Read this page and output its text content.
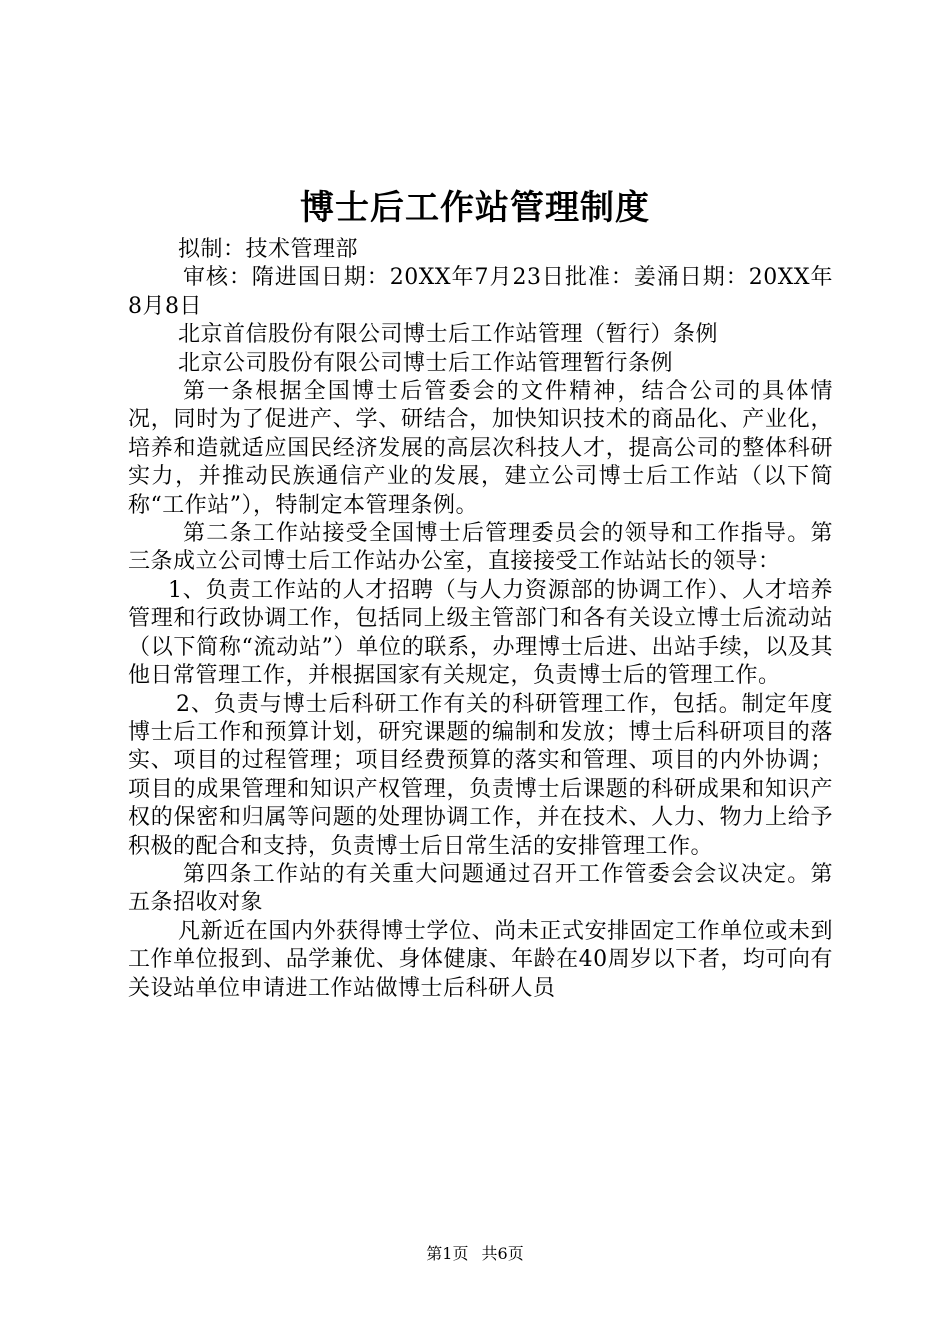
博士后工作站管理制度

拟制：技术管理部

审核：隋进国日期：20XX年7月23日批准：姜涌日期：20XX年8月8日

北京首信股份有限公司博士后工作站管理（暂行）条例

北京公司股份有限公司博士后工作站管理暂行条例

第一条根据全国博士后管委会的文件精神，结合公司的具体情况，同时为了促进产、学、研结合，加快知识技术的商品化、产业化，培养和造就适应国民经济发展的高层次科技人才，提高公司的整体科研实力，并推动民族通信产业的发展，建立公司博士后工作站（以下简称“工作站”），特制定本管理条例。

第二条工作站接受全国博士后管理委员会的领导和工作指导。第三条成立公司博士后工作站办公室，直接接受工作站站长的领导：

1、负责工作站的人才招聘（与人力资源部的协调工作）、人才培养管理和行政协调工作，包括同上级主管部门和各有关设立博士后流动站（以下简称“流动站”）单位的联系，办理博士后进、出站手续，以及其他日常管理工作，并根据国家有关规定，负责博士后的管理工作。

2、负责与博士后科研工作有关的科研管理工作，包括。制定年度博士后工作和预算计划，研究课题的编制和发放；博士后科研项目的落实、项目的过程管理；项目经费预算的落实和管理、项目的内外协调；项目的成果管理和知识产权管理，负责博士后课题的科研成果和知识产权的保密和归属等问题的处理协调工作，并在技术、人力、物力上给予积极的配合和支持，负责博士后日常生活的安排管理工作。

第四条工作站的有关重大问题通过召开工作管委会会议决定。第五条招收对象

凡新近在国内外获得博士学位、尚未正式安排固定工作单位或未到工作单位报到、品学兼优、身体健康、年龄在40周岁以下者，均可向有关设站单位申请进工作站做博士后科研人员

第1页 共6页
